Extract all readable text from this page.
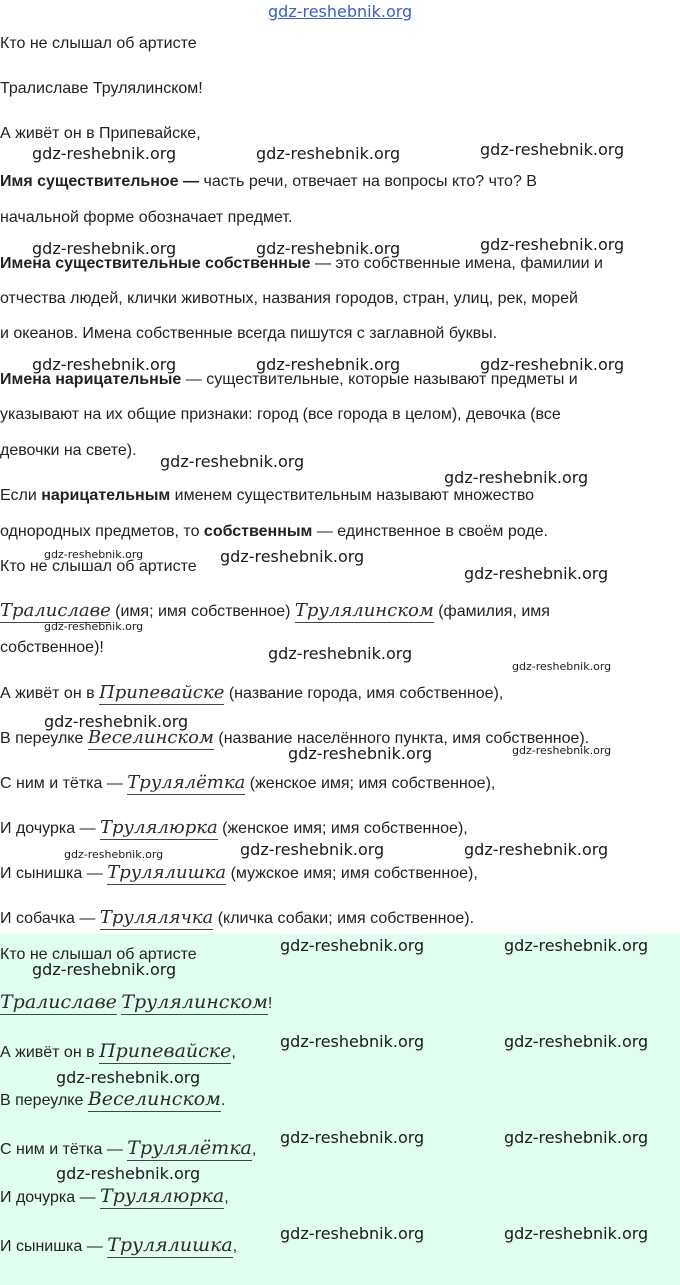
gdz-reshebnik.org
Кто не слышал об артисте
Тралиславе Трулялинском!
А живёт он в Припевайске,
Имя существительное — часть речи, отвечает на вопросы кто? что? В
начальной форме обозначает предмет.
Имена существительные собственные — это собственные имена, фамилии и
отчества людей, клички животных, названия городов, стран, улиц, рек, морей
и океанов. Имена собственные всегда пишутся с заглавной буквы.
Имена нарицательные — существительные, которые называют предметы и
указывают на их общие признаки: город (все города в целом), девочка (все
девочки на свете).
Если нарицательным именем существительным называют множество
однородных предметов, то собственным — единственное в своём роде.
Кто не слышал об артисте
Тралиславе (имя; имя собственное) Трулялинском (фамилия, имя
собственное)!
А живёт он в Припевайске (название города, имя собственное),
В переулке Веселинском (название населённого пункта, имя собственное).
С ним и тётка — Трулялётка (женское имя; имя собственное),
И дочурка — Трулялюрка (женское имя; имя собственное),
И сынишка — Трулялишка (мужское имя; имя собственное),
И собачка — Трулялячка (кличка собаки; имя собственное).
Кто не слышал об артисте
Тралиславе Трулялинском!
А живёт он в Припевайске,
В переулке Веселинском.
С ним и тётка — Трулялётка,
И дочурка — Трулялюрка,
И сынишка — Трулялишка,
gdz-reshebnik.org	gdz-reshebnik.org	gdz-reshebnik.org
gdz-reshebnik.org	gdz-reshebnik.org	gdz-reshebnik.org
gdz-reshebnik.org	gdz-reshebnik.org	gdz-reshebnik.org
gdz-reshebnik.org
gdz-reshebnik.org
gdz-reshebnik.org	gdz-reshebnik.org
gdz-reshebnik.org
gdz-reshebnik.org
gdz-reshebnik.org
gdz-reshebnik.org
gdz-reshebnik.org
gdz-reshebnik.org	gdz-reshebnik.org
gdz-reshebnik.org	gdz-reshebnik.org	gdz-reshebnik.org
gdz-reshebnik.org	gdz-reshebnik.org
gdz-reshebnik.org
gdz-reshebnik.org	gdz-reshebnik.org
gdz-reshebnik.org
gdz-reshebnik.org	gdz-reshebnik.org
gdz-reshebnik.org
gdz-reshebnik.org	gdz-reshebnik.org
